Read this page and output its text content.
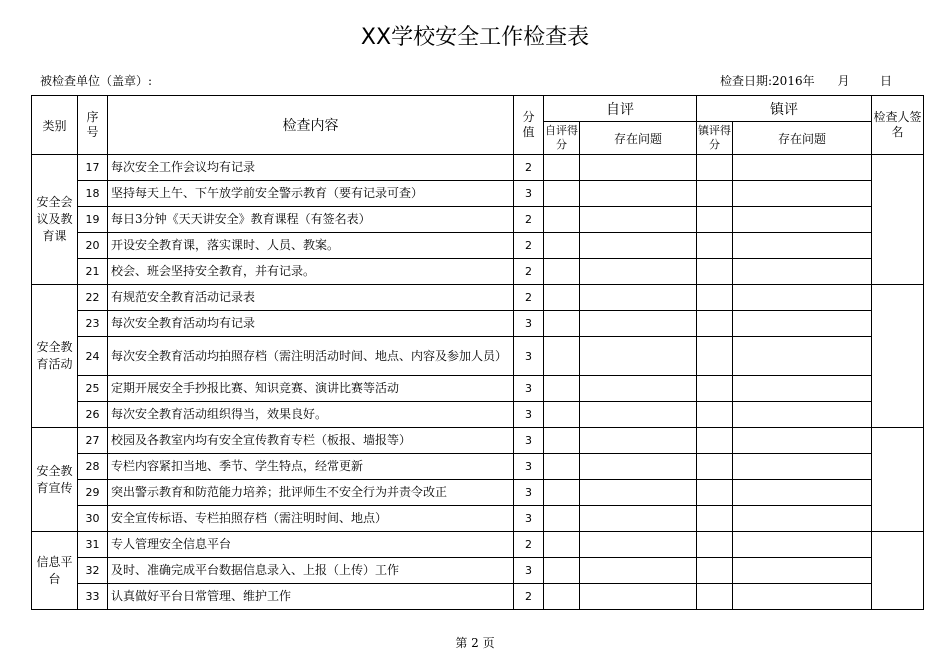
XX学校安全工作检查表
被检查单位（盖章）:	检查日期:2016年      月        日
类别	序号	检查内容	分值	自评		镇评		检查人签名
				自评得分	存在问题	镇评得分	存在问题	
安全会议及教育课	17	每次安全工作会议均有记录	2					
	18	坚持每天上午、下午放学前安全警示教育（要有记录可查）	3					
	19	每日3分钟《天天讲安全》教育课程（有签名表）	2					
	20	开设安全教育课，落实课时、人员、教案。	2					
	21	校会、班会坚持安全教育，并有记录。	2					
安全教育活动	22	有规范安全教育活动记录表	2					
	23	每次安全教育活动均有记录	3					
	24	每次安全教育活动均拍照存档（需注明活动时间、地点、内容及参加人员）	3					
	25	定期开展安全手抄报比赛、知识竞赛、演讲比赛等活动	3					
	26	每次安全教育活动组织得当，效果良好。	3					
安全教育宣传	27	校园及各教室内均有安全宣传教育专栏（板报、墙报等）	3					
	28	专栏内容紧扣当地、季节、学生特点，经常更新	3					
	29	突出警示教育和防范能力培养；批评师生不安全行为并责令改正	3					
	30	安全宣传标语、专栏拍照存档（需注明时间、地点）	3					
信息平台	31	专人管理安全信息平台	2					
	32	及时、准确完成平台数据信息录入、上报（上传）工作	3					
	33	认真做好平台日常管理、维护工作	2					
第 2 页
